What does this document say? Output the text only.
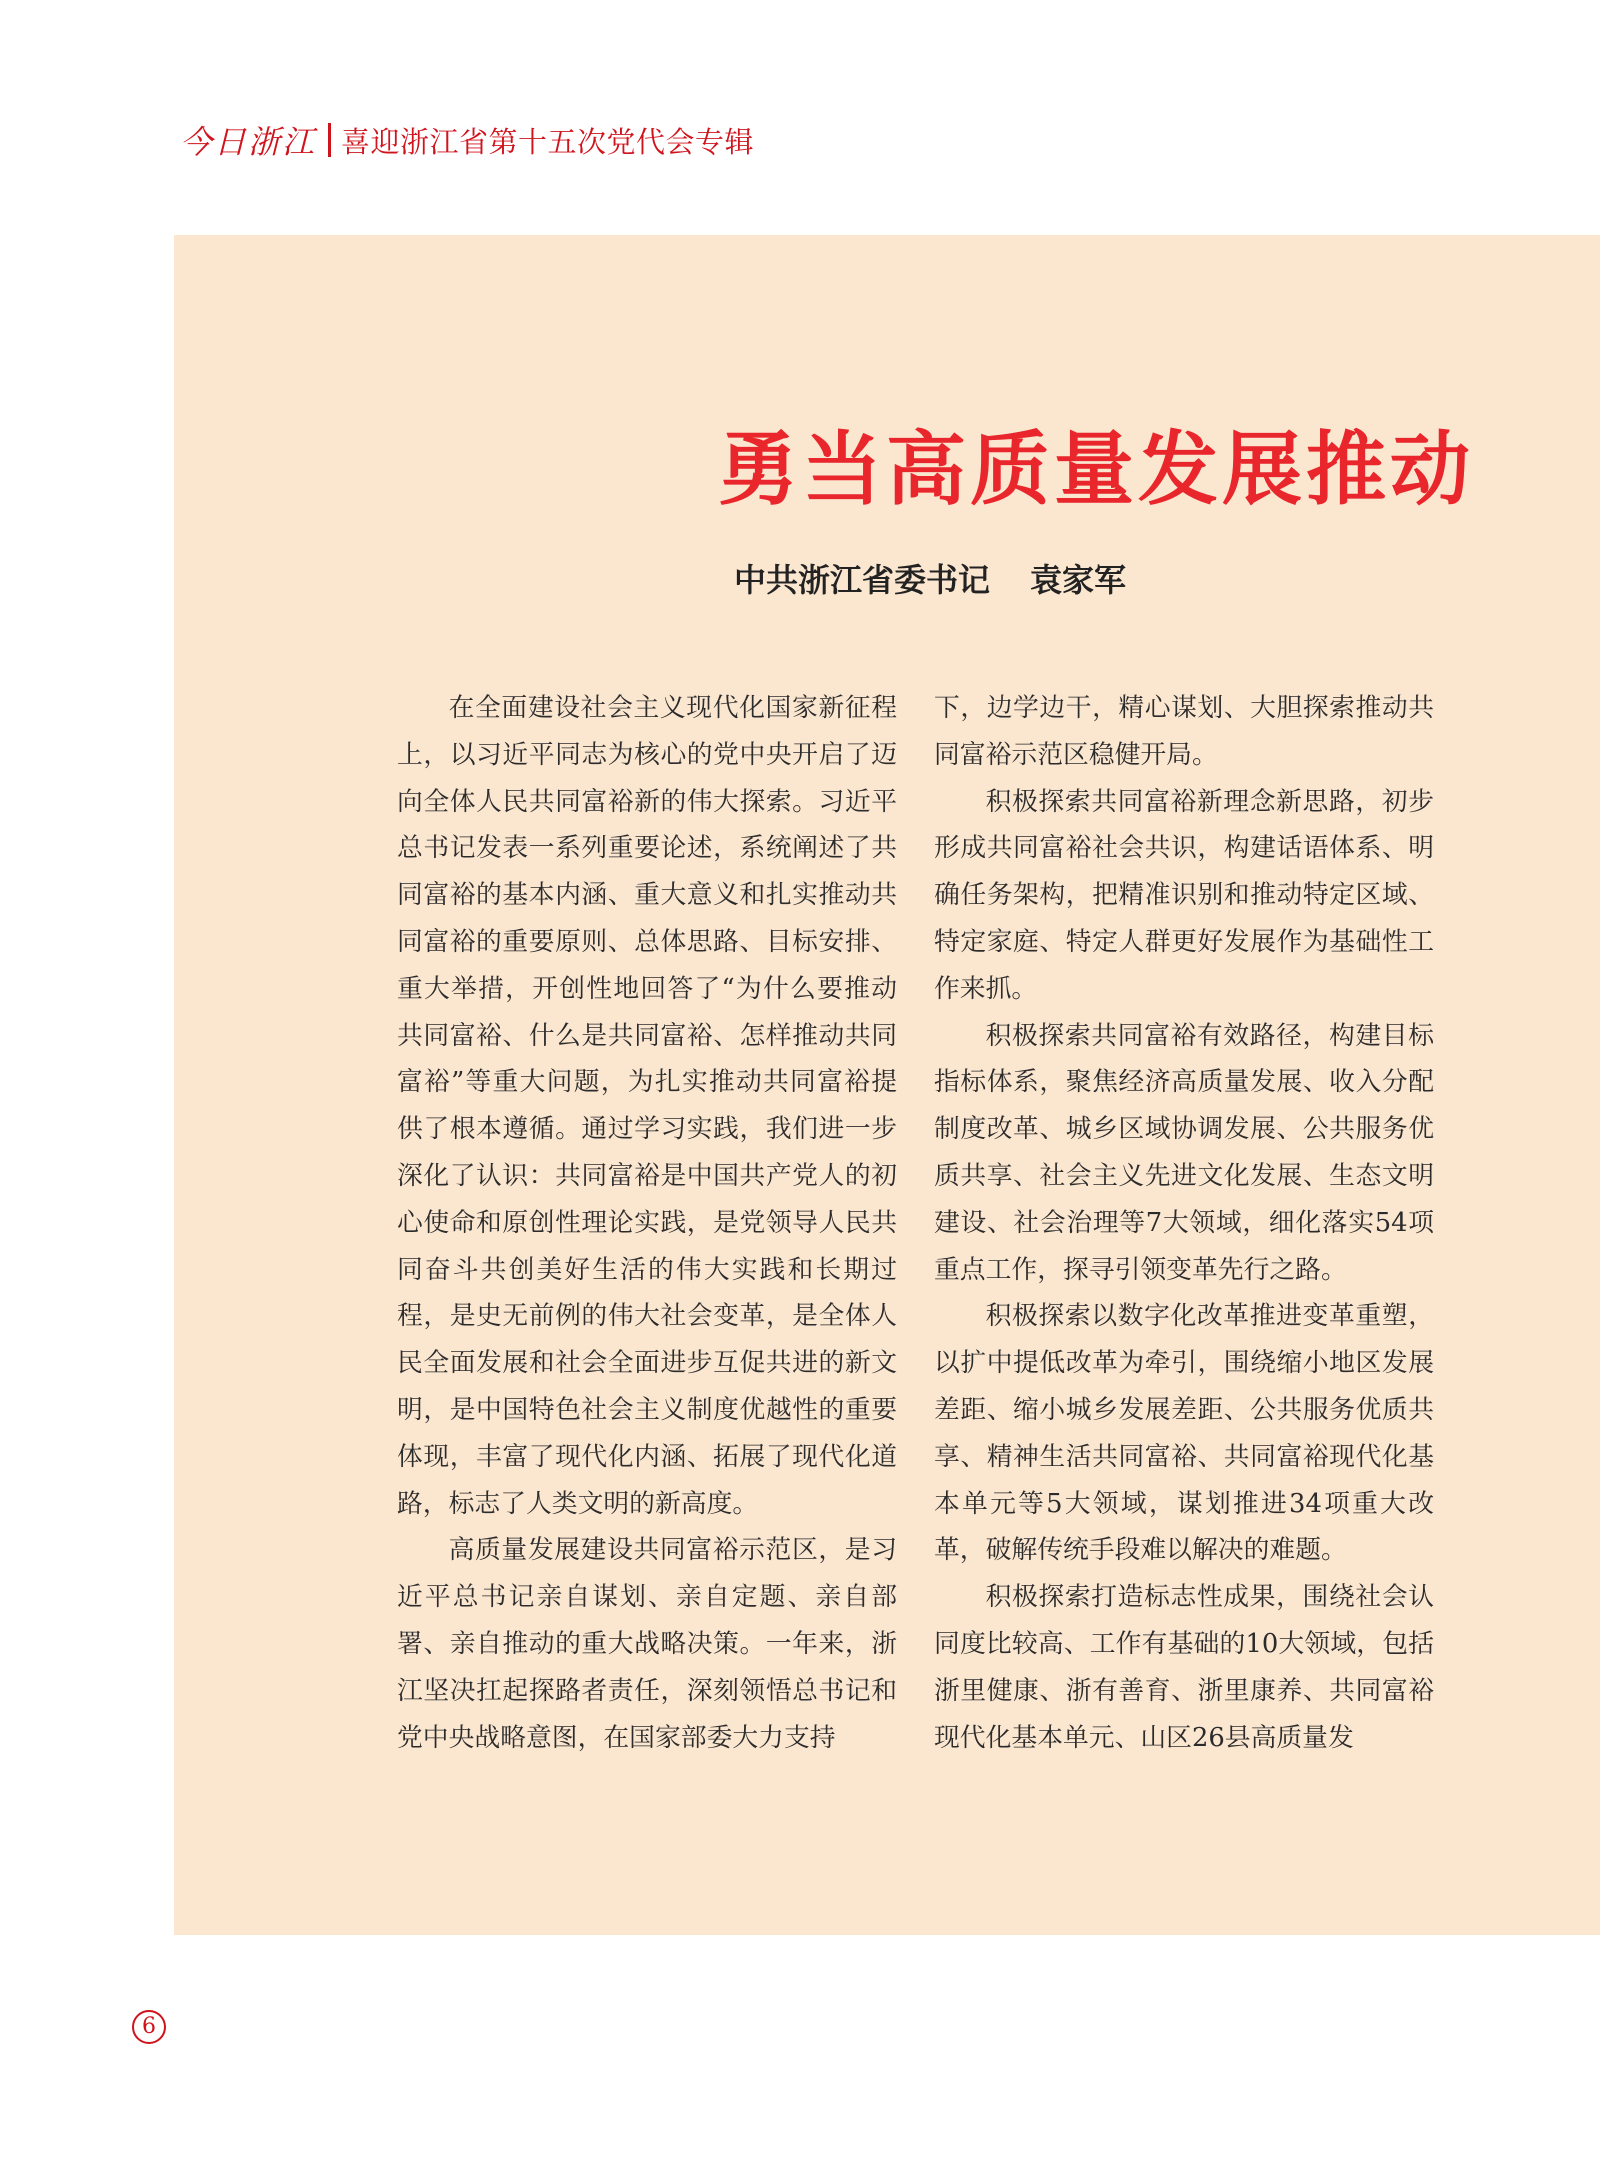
今日浙江 喜迎浙江省第十五次党代会专辑
勇当高质量发展推动
中共浙江省委书记 袁家军

在全面建设社会主义现代化国家新征程上，以习近平同志为核心的党中央开启了迈向全体人民共同富裕新的伟大探索。习近平总书记发表一系列重要论述，系统阐述了共同富裕的基本内涵、重大意义和扎实推动共同富裕的重要原则、总体思路、目标安排、重大举措，开创性地回答了“为什么要推动共同富裕、什么是共同富裕、怎样推动共同富裕”等重大问题，为扎实推动共同富裕提供了根本遵循。通过学习实践，我们进一步深化了认识：共同富裕是中国共产党人的初心使命和原创性理论实践，是党领导人民共同奋斗共创美好生活的伟大实践和长期过程，是史无前例的伟大社会变革，是全体人民全面发展和社会全面进步互促共进的新文明，是中国特色社会主义制度优越性的重要体现，丰富了现代化内涵、拓展了现代化道路，标志了人类文明的新高度。

高质量发展建设共同富裕示范区，是习近平总书记亲自谋划、亲自定题、亲自部署、亲自推动的重大战略决策。一年来，浙江坚决扛起探路者责任，深刻领悟总书记和党中央战略意图，在国家部委大力支持

下，边学边干，精心谋划、大胆探索推动共同富裕示范区稳健开局。

积极探索共同富裕新理念新思路，初步形成共同富裕社会共识，构建话语体系、明确任务架构，把精准识别和推动特定区域、特定家庭、特定人群更好发展作为基础性工作来抓。

积极探索共同富裕有效路径，构建目标指标体系，聚焦经济高质量发展、收入分配制度改革、城乡区域协调发展、公共服务优质共享、社会主义先进文化发展、生态文明建设、社会治理等7大领域，细化落实54项重点工作，探寻引领变革先行之路。

积极探索以数字化改革推进变革重塑，以扩中提低改革为牵引，围绕缩小地区发展差距、缩小城乡发展差距、公共服务优质共享、精神生活共同富裕、共同富裕现代化基本单元等5大领域，谋划推进34项重大改革，破解传统手段难以解决的难题。

积极探索打造标志性成果，围绕社会认同度比较高、工作有基础的10大领域，包括浙里健康、浙有善育、浙里康养、共同富裕现代化基本单元、山区26县高质量发

6
